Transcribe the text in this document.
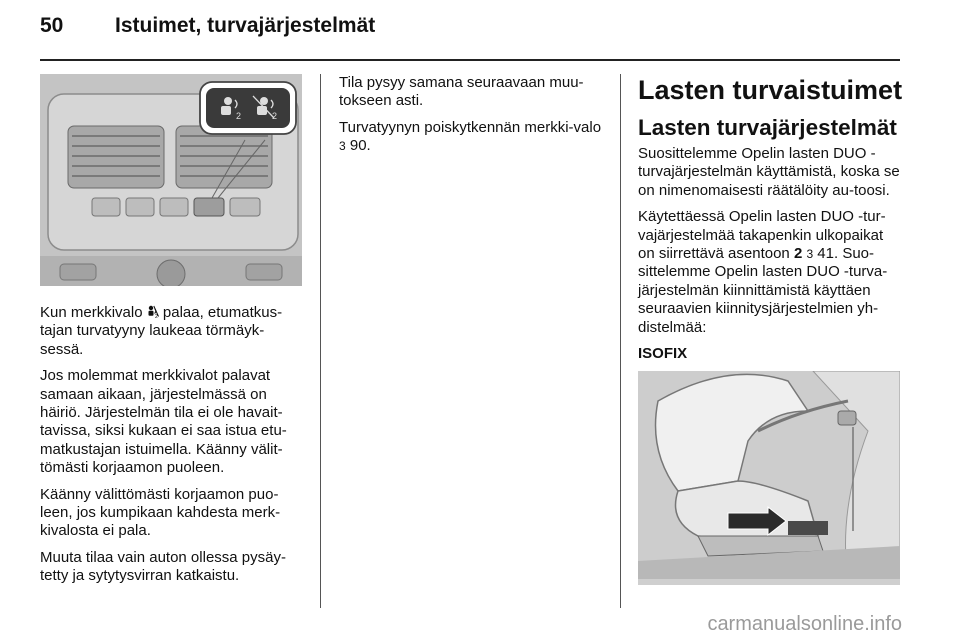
50 Istuimet, turvajärjestelmät
2	2

Kun merkkivalo 2 palaa, etumatkus-tajan turvatyyny laukeaa törmäyk-sessä.

Jos molemmat merkkivalot palavat samaan aikaan, järjestelmässä on häiriö. Järjestelmän tila ei ole havait-tavissa, siksi kukaan ei saa istua etu-matkustajan istuimella. Käänny välit-tömästi korjaamon puoleen.

Käänny välittömästi korjaamon puo-leen, jos kumpikaan kahdesta merk-kivalosta ei pala.

Muuta tilaa vain auton ollessa pysäy-tetty ja sytytysvirran katkaistu.

Tila pysyy samana seuraavaan muu-tokseen asti.

Turvatyynyn poiskytkennän merkki-valo 3 90.

Lasten turvaistuimet
Lasten turvajärjestelmät

Suosittelemme Opelin lasten DUO -turvajärjestelmän käyttämistä, koska se on nimenomaisesti räätälöity au-toosi.

Käytettäessä Opelin lasten DUO -tur-vajärjestelmää takapenkin ulkopaikat on siirrettävä asentoon 2 3 41. Suo-sittelemme Opelin lasten DUO -turva-järjestelmän kiinnittämistä käyttäen seuraavien kiinnitysjärjestelmien yh-distelmää:

ISOFIX

carmanualsonline.info
